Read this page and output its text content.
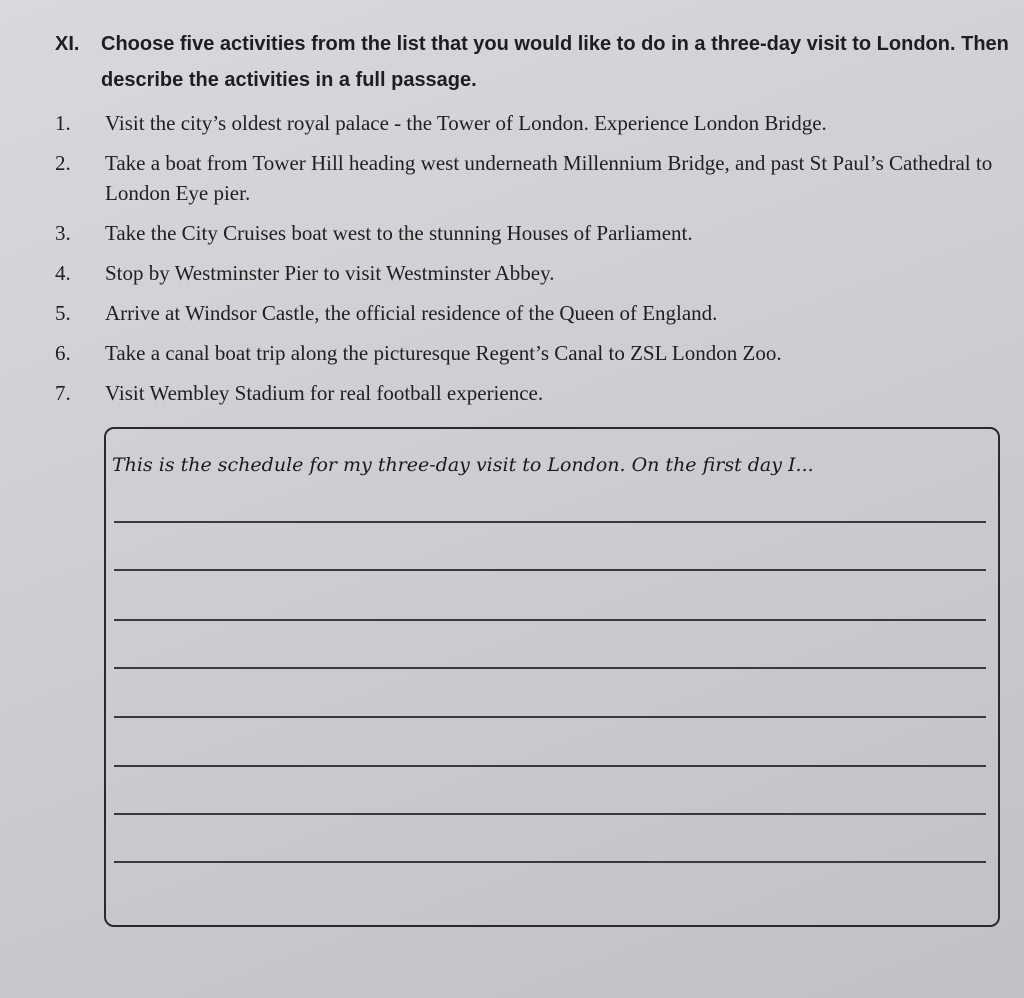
XI. Choose five activities from the list that you would like to do in a three-day visit to London. Then describe the activities in a full passage.
1. Visit the city’s oldest royal palace - the Tower of London. Experience London Bridge.
2. Take a boat from Tower Hill heading west underneath Millennium Bridge, and past St Paul’s Cathedral to London Eye pier.
3. Take the City Cruises boat west to the stunning Houses of Parliament.
4. Stop by Westminster Pier to visit Westminster Abbey.
5. Arrive at Windsor Castle, the official residence of the Queen of England.
6. Take a canal boat trip along the picturesque Regent’s Canal to ZSL London Zoo.
7. Visit Wembley Stadium for real football experience.
This is the schedule for my three-day visit to London. On the first day I...
